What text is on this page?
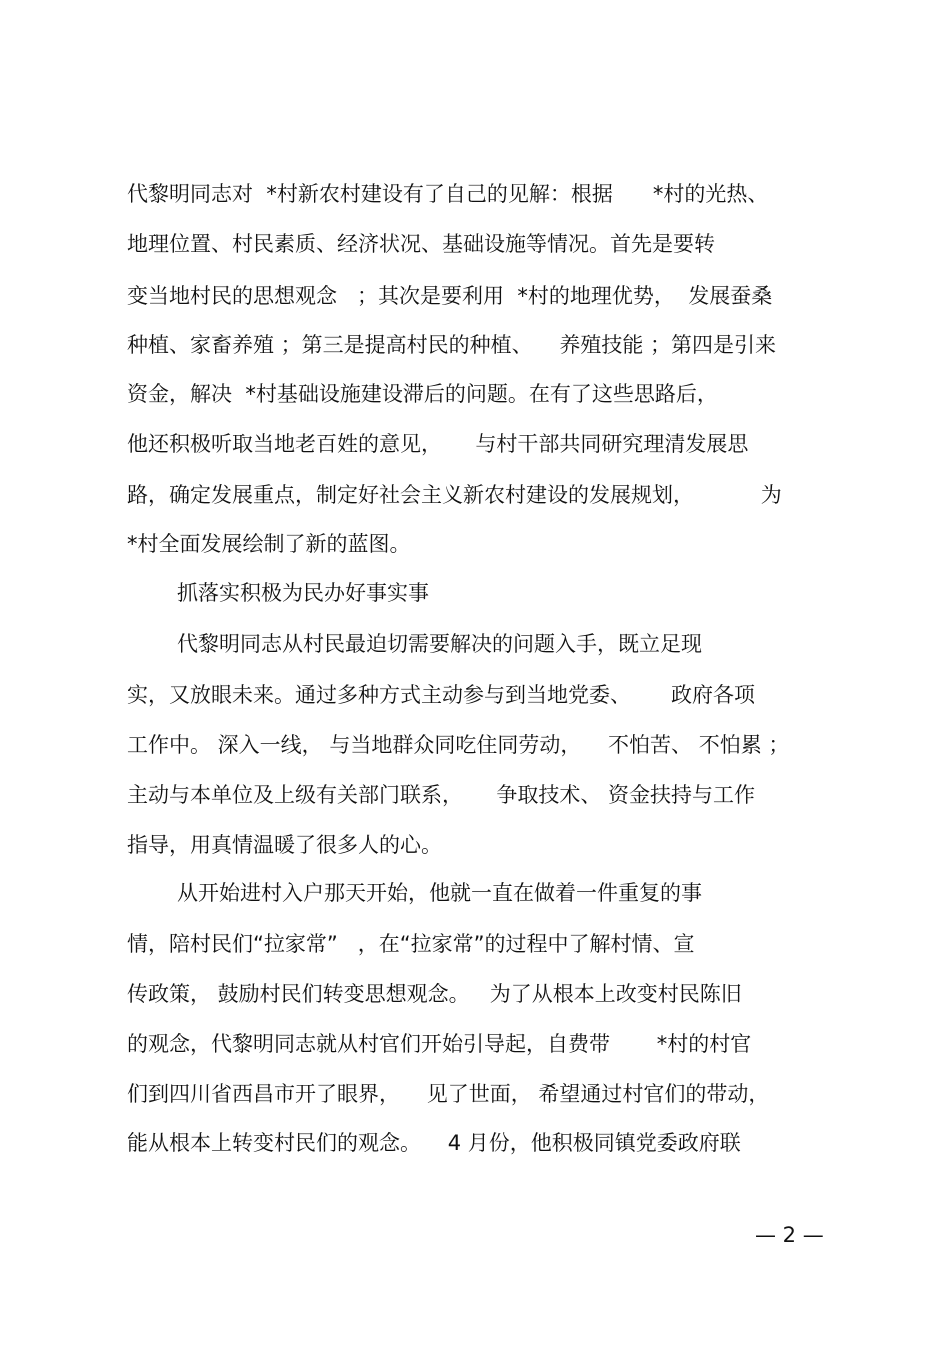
代黎明同志对  *村新农村建设有了自己的见解：根据      *村的光热、
地理位置、村民素质、经济状况、基础设施等情况。首先是要转
变当地村民的思想观念   ；其次是要利用  *村的地理优势，  发展蚕桑
种植、家畜养殖 ；第三是提高村民的种植、    养殖技能 ；第四是引来
资金，解决  *村基础设施建设滞后的问题。在有了这些思路后，
他还积极听取当地老百姓的意见，     与村干部共同研究理清发展思
路，确定发展重点，制定好社会主义新农村建设的发展规划，          为
*村全面发展绘制了新的蓝图。
抓落实积极为民办好事实事
代黎明同志从村民最迫切需要解决的问题入手，既立足现
实，又放眼未来。通过多种方式主动参与到当地党委、      政府各项
工作中。 深入一线， 与当地群众同吃住同劳动，    不怕苦、 不怕累 ；
主动与本单位及上级有关部门联系，     争取技术、 资金扶持与工作
指导，用真情温暖了很多人的心。
从开始进村入户那天开始，他就一直在做着一件重复的事
情，陪村民们“拉家常”   ，在“拉家常”的过程中了解村情、宣
传政策， 鼓励村民们转变思想观念。   为了从根本上改变村民陈旧
的观念，代黎明同志就从村官们开始引导起，自费带       *村的村官
们到四川省西昌市开了眼界，    见了世面， 希望通过村官们的带动，
能从根本上转变村民们的观念。    4 月份，他积极同镇党委政府联
— 2 —
